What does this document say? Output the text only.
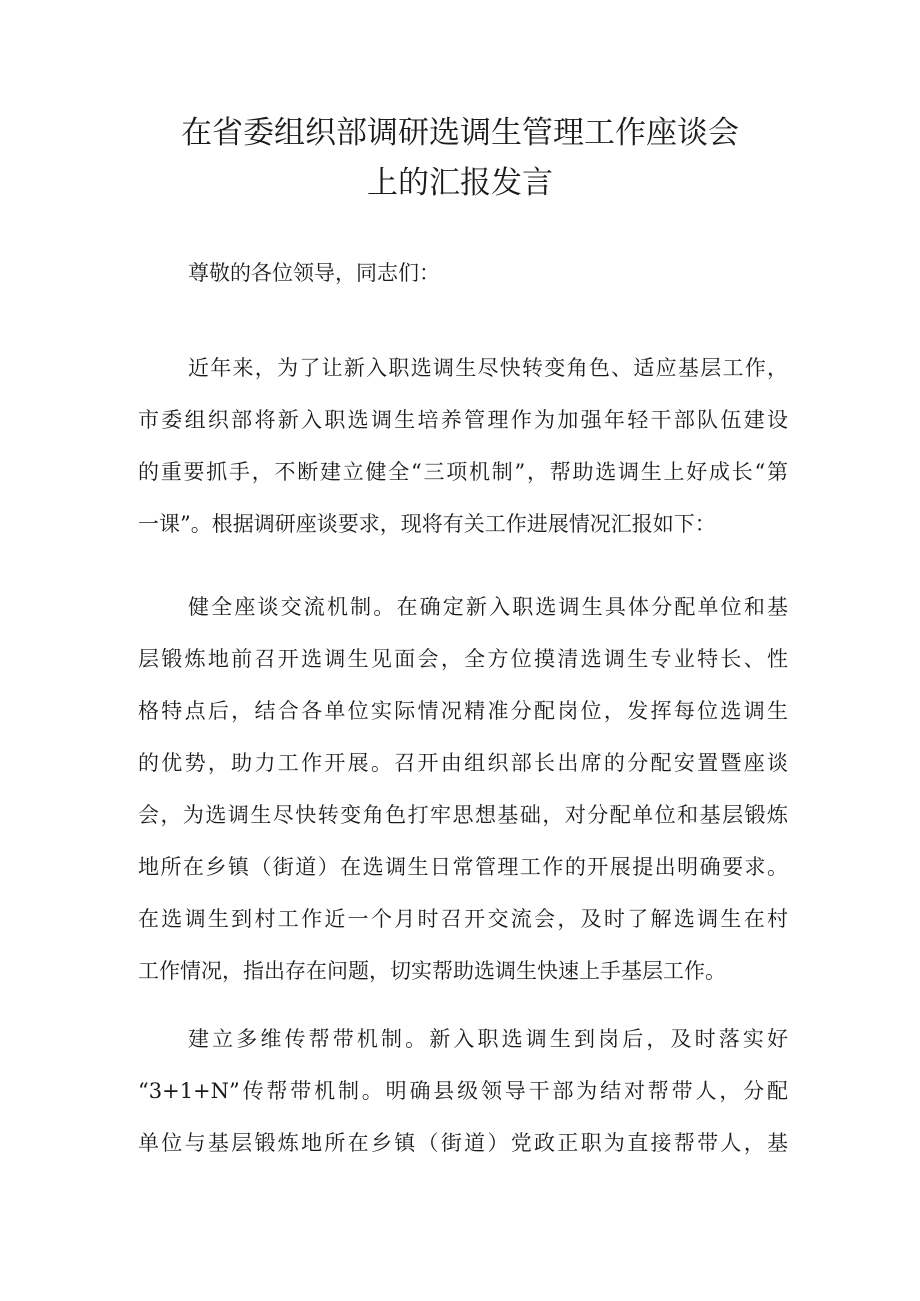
在省委组织部调研选调生管理工作座谈会
上的汇报发言
尊敬的各位领导，同志们：
近年来，为了让新入职选调生尽快转变角色、适应基层工作，
市委组织部将新入职选调生培养管理作为加强年轻干部队伍建设
的重要抓手，不断建立健全“三项机制”，帮助选调生上好成长“第
一课”。根据调研座谈要求，现将有关工作进展情况汇报如下：
健全座谈交流机制。在确定新入职选调生具体分配单位和基
层锻炼地前召开选调生见面会，全方位摸清选调生专业特长、性
格特点后，结合各单位实际情况精准分配岗位，发挥每位选调生
的优势，助力工作开展。召开由组织部长出席的分配安置暨座谈
会，为选调生尽快转变角色打牢思想基础，对分配单位和基层锻炼
地所在乡镇（街道）在选调生日常管理工作的开展提出明确要求。
在选调生到村工作近一个月时召开交流会，及时了解选调生在村
工作情况，指出存在问题，切实帮助选调生快速上手基层工作。
建立多维传帮带机制。新入职选调生到岗后，及时落实好
“3+1+N”传帮带机制。明确县级领导干部为结对帮带人，分配
单位与基层锻炼地所在乡镇（街道）党政正职为直接帮带人，基
